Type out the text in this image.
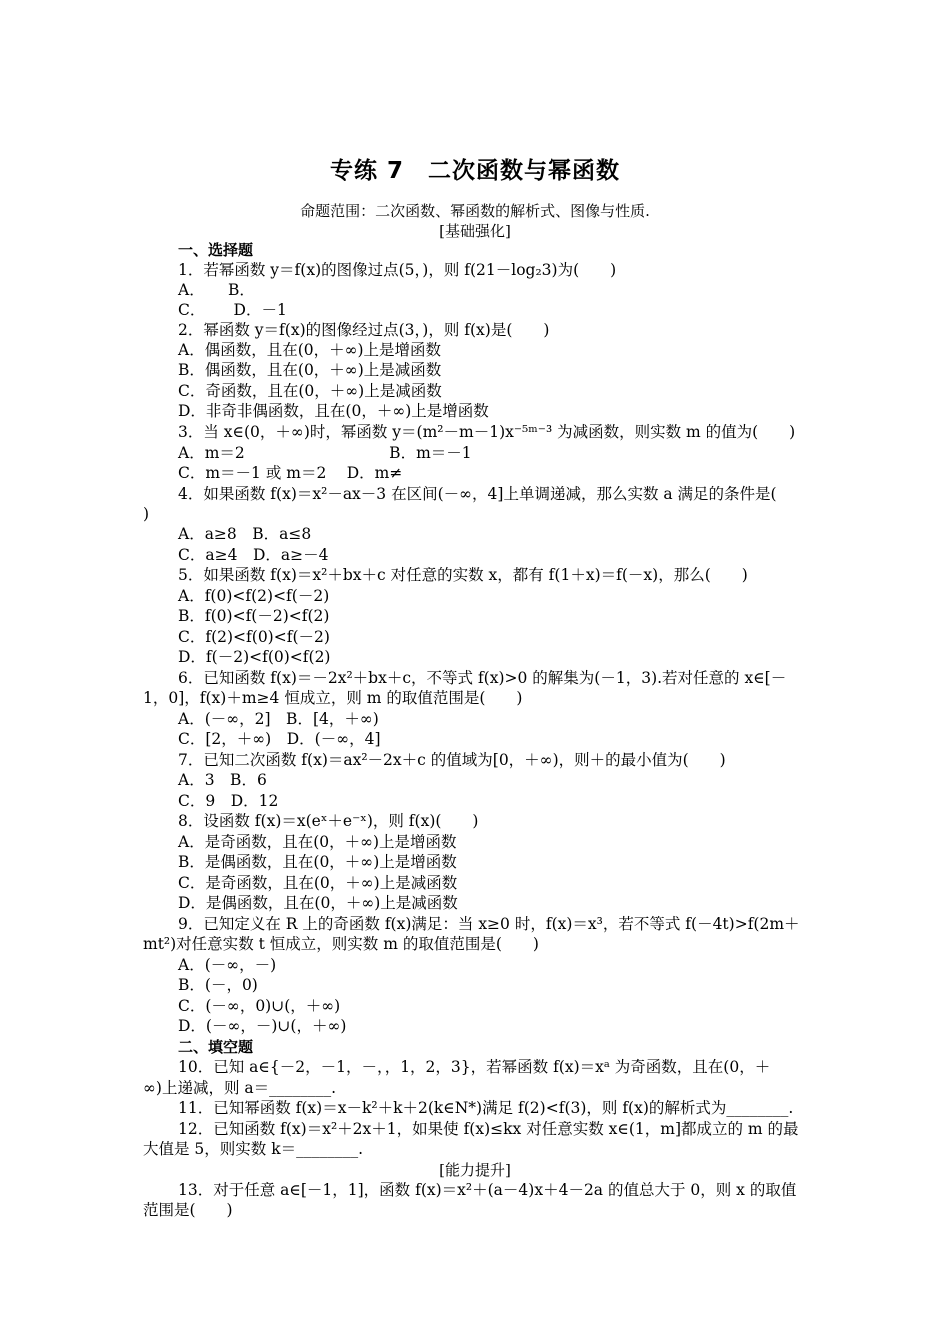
专练 7　二次函数与幂函数
命题范围：二次函数、幂函数的解析式、图像与性质.
[基础强化]
[能力提升]
一、选择题
1．若幂函数 y＝f(x)的图像过点(5，)，则 f(21－log₂3)为(　　)
A．　　B．
C．　　 D．－1
2．幂函数 y＝f(x)的图像经过点(3，)，则 f(x)是(　　)
A．偶函数，且在(0，＋∞)上是增函数
B．偶函数，且在(0，＋∞)上是减函数
C．奇函数，且在(0，＋∞)上是减函数
D．非奇非偶函数，且在(0，＋∞)上是增函数
3．当 x∈(0，＋∞)时，幂函数 y＝(m²－m－1)x⁻⁵ᵐ⁻³ 为减函数，则实数 m 的值为(　　)
A．m＝2　　　　　　　　　 B．m＝－1
C．m＝－1 或 m＝2　 D．m≠
4．如果函数 f(x)＝x²－ax－3 在区间(－∞，4]上单调递减，那么实数 a 满足的条件是(
)
A．a≥8　B．a≤8
C．a≥4　D．a≥－4
5．如果函数 f(x)＝x²＋bx＋c 对任意的实数 x，都有 f(1＋x)＝f(－x)，那么(　　)
A．f(0)<f(2)<f(－2)
B．f(0)<f(－2)<f(2)
C．f(2)<f(0)<f(－2)
D．f(－2)<f(0)<f(2)
6．已知函数 f(x)＝－2x²＋bx＋c，不等式 f(x)>0 的解集为(－1，3).若对任意的 x∈[－
1，0]，f(x)＋m≥4 恒成立，则 m 的取值范围是(　　)
A．(－∞，2]　B．[4，＋∞)
C．[2，＋∞)　D．(－∞，4]
7．已知二次函数 f(x)＝ax²－2x＋c 的值域为[0，＋∞)，则＋的最小值为(　　)
A．3　B．6
C．9　D．12
8．设函数 f(x)＝x(eˣ＋e⁻ˣ)，则 f(x)(　　)
A．是奇函数，且在(0，＋∞)上是增函数
B．是偶函数，且在(0，＋∞)上是增函数
C．是奇函数，且在(0，＋∞)上是减函数
D．是偶函数，且在(0，＋∞)上是减函数
9．已知定义在 R 上的奇函数 f(x)满足：当 x≥0 时，f(x)＝x³，若不等式 f(－4t)>f(2m＋
mt²)对任意实数 t 恒成立，则实数 m 的取值范围是(　　)
A．(－∞，－)
B．(－，0)
C．(－∞，0)∪(，＋∞)
D．(－∞，－)∪(，＋∞)
二、填空题
10．已知 a∈{－2，－1，－，，1，2，3}，若幂函数 f(x)＝xᵃ 为奇函数，且在(0，＋
∞)上递减，则 a＝________.
11．已知幂函数 f(x)＝x－k²＋k＋2(k∈N*)满足 f(2)<f(3)，则 f(x)的解析式为________.
12．已知函数 f(x)＝x²＋2x＋1，如果使 f(x)≤kx 对任意实数 x∈(1，m]都成立的 m 的最
大值是 5，则实数 k＝________.
13．对于任意 a∈[－1，1]，函数 f(x)＝x²＋(a－4)x＋4－2a 的值总大于 0，则 x 的取值
范围是(　　)
